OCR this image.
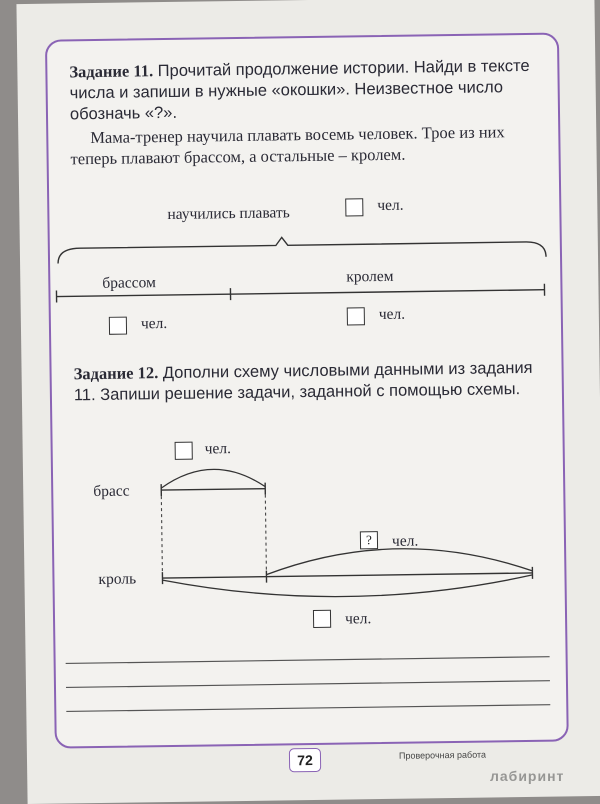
Задание 11. Прочитай продолжение истории. Найди в тексте числа и запиши в нужные «окошки». Неизвестное число обозначь «?».
Мама-тренер научила плавать восемь человек. Трое из них теперь плавают брассом, а остальные – кролем.
научились плавать	чел.
брассом	кролем
чел.
чел.
Задание 12. Дополни схему числовыми данными из задания 11. Запиши решение задачи, заданной с помощью схемы.
чел.
брасс
кроль
?	чел.
чел.
72	Проверочная работа
лабиринт
